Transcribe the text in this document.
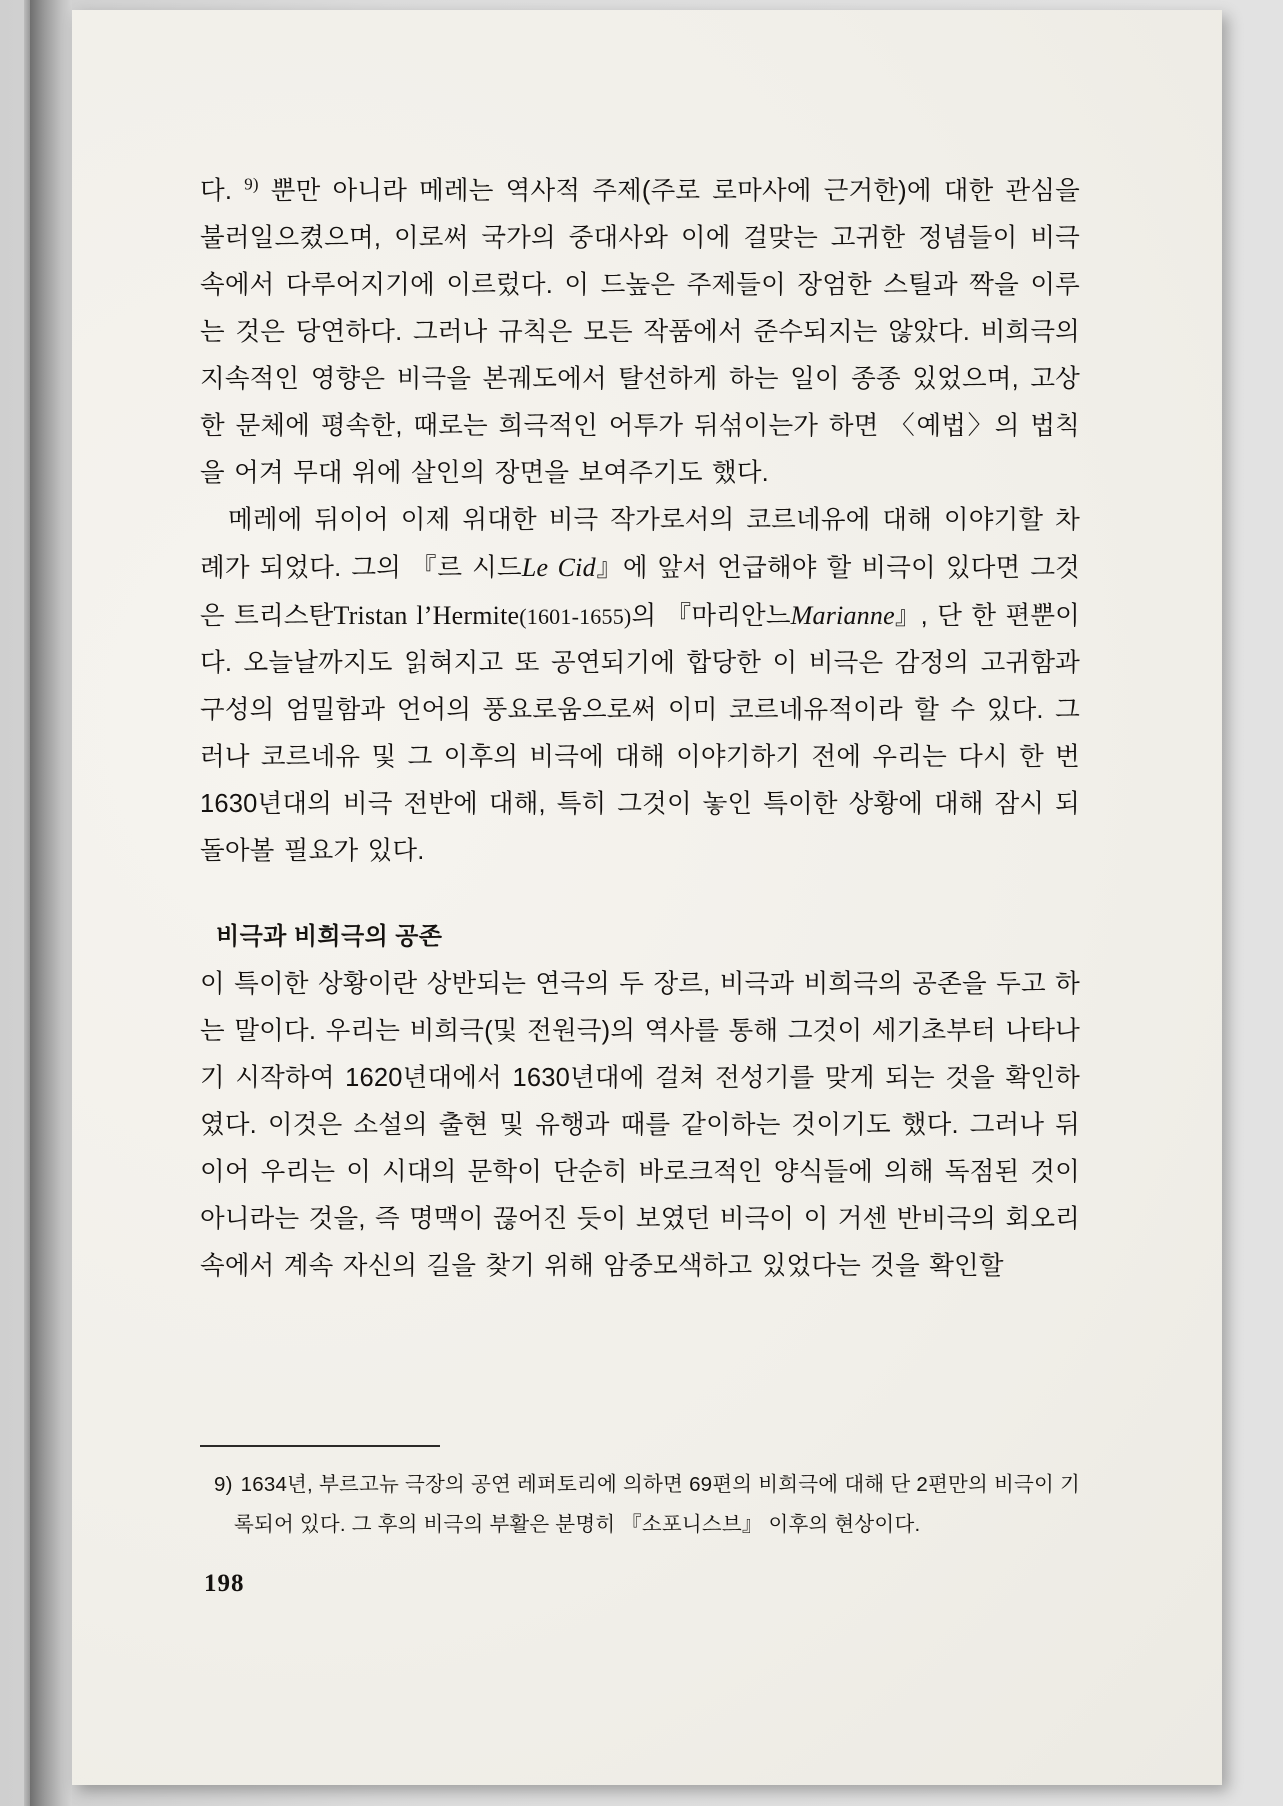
다. $^{9)}$ 뿐만 아니라 메레는 역사적 주제(주로 로마사에 근거한)에 대한 관심을 불러일으켰으며, 이로써 국가의 중대사와 이에 걸맞는 고귀한 정념들이 비극 속에서 다루어지기에 이르렀다. 이 드높은 주제들이 장엄한 스틸과 짝을 이루는 것은 당연하다. 그러나 규칙은 모든 작품에서 준수되지는 않았다. 비희극의 지속적인 영향은 비극을 본궤도에서 탈선하게 하는 일이 종종 있었으며, 고상한 문체에 평속한, 때로는 희극적인 어투가 뒤섞이는가 하면 〈예법〉의 법칙을 어겨 무대 위에 살인의 장면을 보여주기도 했다.

메레에 뒤이어 이제 위대한 비극 작가로서의 코르네유에 대해 이야기할 차례가 되었다. 그의 『르 시드Le Cid』에 앞서 언급해야 할 비극이 있다면 그것은 트리스탄Tristan l’Hermite(1601-1655)의 『마리안느Marianne』, 단 한 편뿐이다. 오늘날까지도 읽혀지고 또 공연되기에 합당한 이 비극은 감정의 고귀함과 구성의 엄밀함과 언어의 풍요로움으로써 이미 코르네유적이라 할 수 있다. 그러나 코르네유 및 그 이후의 비극에 대해 이야기하기 전에 우리는 다시 한 번 1630년대의 비극 전반에 대해, 특히 그것이 놓인 특이한 상황에 대해 잠시 되돌아볼 필요가 있다.

비극과 비희극의 공존

이 특이한 상황이란 상반되는 연극의 두 장르, 비극과 비희극의 공존을 두고 하는 말이다. 우리는 비희극(및 전원극)의 역사를 통해 그것이 세기초부터 나타나기 시작하여 1620년대에서 1630년대에 걸쳐 전성기를 맞게 되는 것을 확인하였다. 이것은 소설의 출현 및 유행과 때를 같이하는 것이기도 했다. 그러나 뒤이어 우리는 이 시대의 문학이 단순히 바로크적인 양식들에 의해 독점된 것이 아니라는 것을, 즉 명맥이 끊어진 듯이 보였던 비극이 이 거센 반비극의 회오리 속에서 계속 자신의 길을 찾기 위해 암중모색하고 있었다는 것을 확인할

9) 1634년, 부르고뉴 극장의 공연 레퍼토리에 의하면 69편의 비희극에 대해 단 2편만의 비극이 기록되어 있다. 그 후의 비극의 부활은 분명히 『소포니스브』 이후의 현상이다.
198
